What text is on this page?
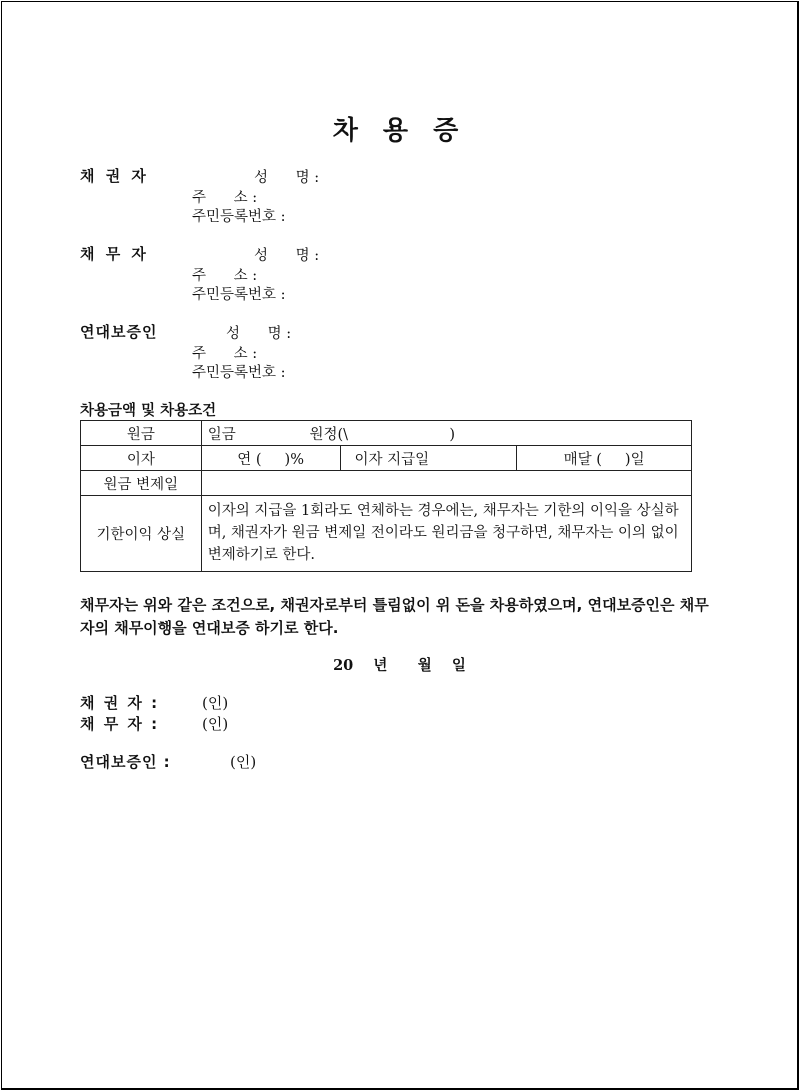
차 용 증
채 권 자	성      명 :
주      소 :
주민등록번호 :
채 무 자	성      명 :
주      소 :
주민등록번호 :
연대보증인	성      명 :
주      소 :
주민등록번호 :
차용금액 및 차용조건
원금	일금                원정(\                      )		
이자	연 (     )%	이자 지급일	매달 (     )일
원금 변제일			
기한이익 상실	이자의 지급을 1회라도 연체하는 경우에는, 채무자는 기한의 이익을 상실하며, 채권자가 원금 변제일 전이라도 원리금을 청구하면, 채무자는 이의 없이 변제하기로 한다.		
채무자는 위와 같은 조건으로, 채권자로부터 틀림없이 위 돈을 차용하였으며, 연대보증인은 채무자의 채무이행을 연대보증 하기로 한다.
20    년      월    일
채 권 자 :	(인)
채 무 자 :	(인)
연대보증인 :	(인)
